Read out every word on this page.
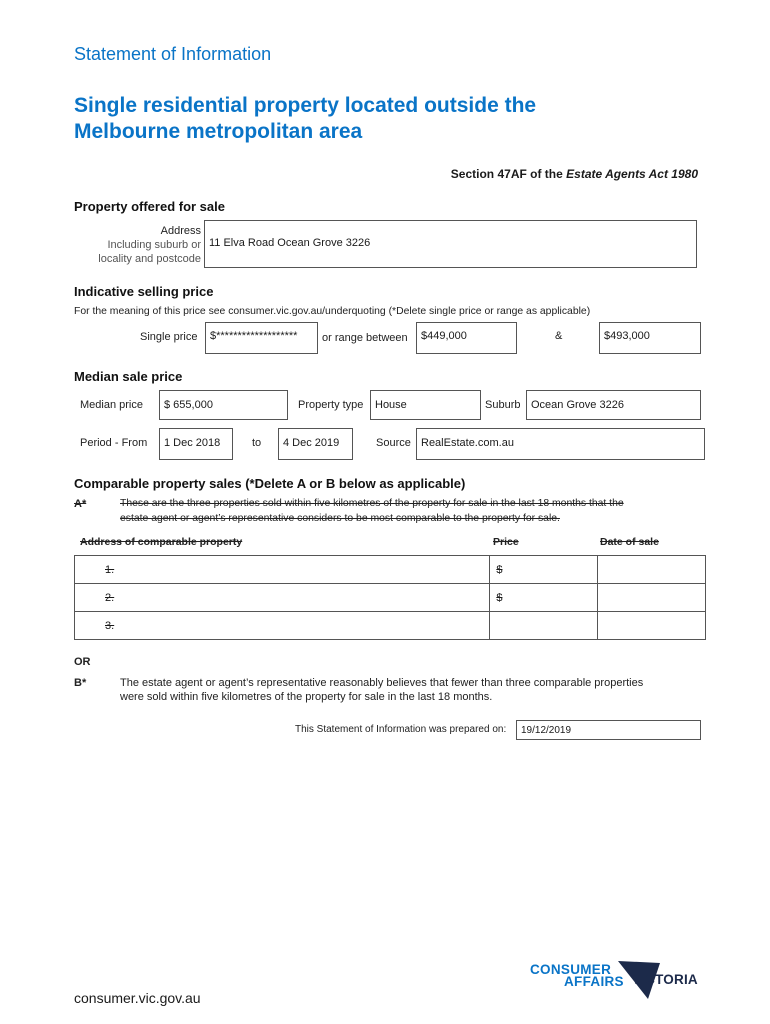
Statement of Information
Single residential property located outside the
Melbourne metropolitan area
Section 47AF of the Estate Agents Act 1980
Property offered for sale
Address
Including suburb or
locality and postcode
11 Elva Road Ocean Grove 3226
Indicative selling price
For the meaning of this price see consumer.vic.gov.au/underquoting (*Delete single price or range as applicable)
Single price $******************* or range between $449,000	&	$493,000
Median sale price
Median price $ 655,000	Property type House	Suburb Ocean Grove 3226
Period - From 1 Dec 2018	to 4 Dec 2019	Source RealEstate.com.au
Comparable property sales (*Delete A or B below as applicable)
A*	These are the three properties sold within five kilometres of the property for sale in the last 18 months that the
estate agent or agent’s representative considers to be most comparable to the property for sale.
Address of comparable property	Price	Date of sale
1.	$	
2.	$	
3.		
OR
B*	The estate agent or agent’s representative reasonably believes that fewer than three comparable properties
were sold within five kilometres of the property for sale in the last 18 months.
This Statement of Information was prepared on: 19/12/2019
consumer.vic.gov.au
CONSUMER
AFFAIRS VICTORIA
